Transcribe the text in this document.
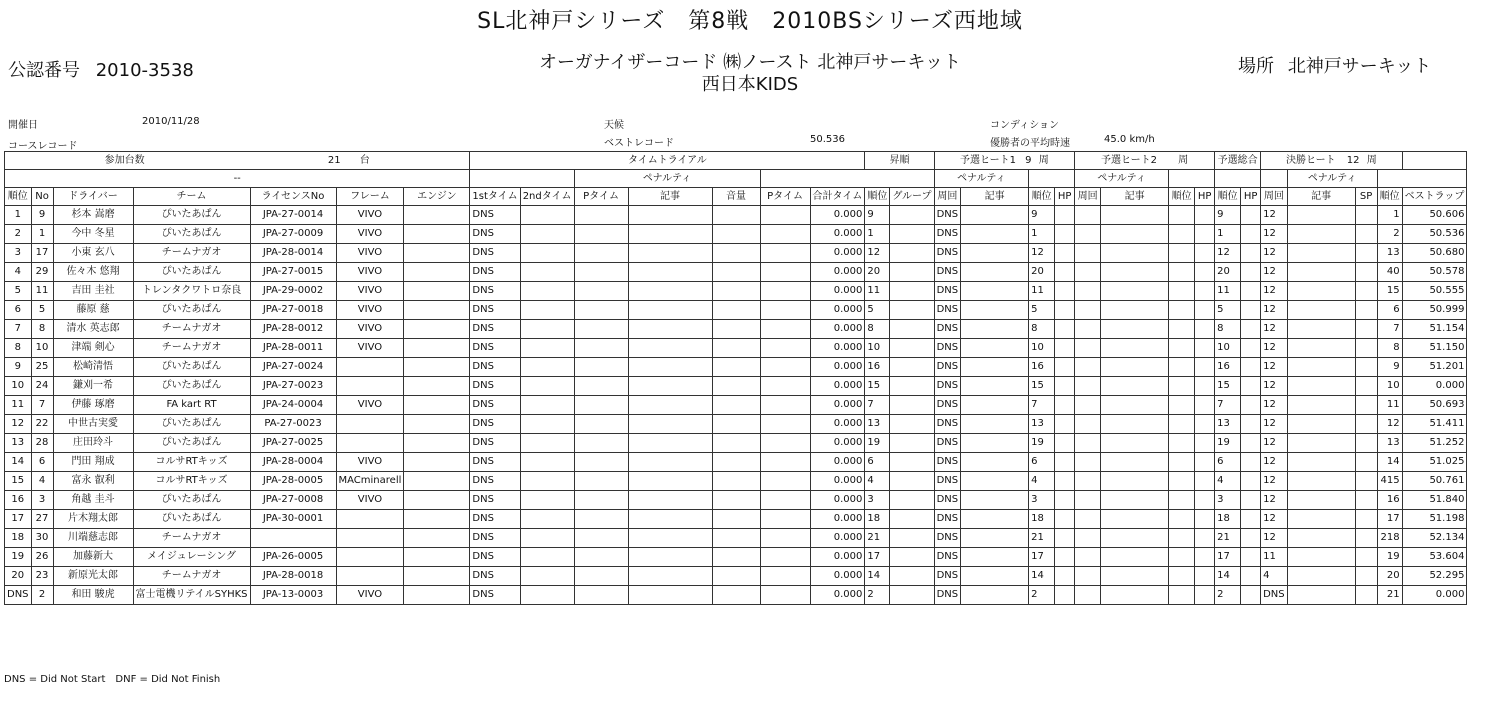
SL北神戸シリーズ　第8戦　2010BSシリーズ西地域
公認番号 2010-3538	オーガナイザーコード ㈱ノースト 北神戸サーキット
西日本KIDS
場所 北神戸サーキット
開催日	2010/11/28
コースレコード
天候
ベストレコード	50.536
コンディション
優勝者の平均時速	45.0 km/h
参加台数 21 台							タイムトライアル							昇順		予選ヒート1 9 周				予選ヒート2 周				予選総合		決勝ヒート 12 周				
--									ペナルティ							ペナルティ				ペナルティ							ペナルティ			
順位	No	ドライバー	チーム	ライセンスNo	フレーム	エンジン	1stタイム	2ndタイム	Pタイム	記事	音量	Pタイム	合計タイム	順位	グループ	周回	記事	順位	HP	周回	記事	順位	HP	順位	HP	周回	記事	SP	順位	ベストラップ
1	9	杉本 嵩磨	ぴいたあぱん	JPA-27-0014	VIVO		DNS						0.000	9		DNS		9						9		12			1	50.606
2	1	今中 冬星	ぴいたあぱん	JPA-27-0009	VIVO		DNS						0.000	1		DNS		1						1		12			2	50.536
3	17	小東 玄八	チームナガオ	JPA-28-0014	VIVO		DNS						0.000	12		DNS		12						12		12			13	50.680
4	29	佐々木 悠翔	ぴいたあぱん	JPA-27-0015	VIVO		DNS						0.000	20		DNS		20						20		12			40	50.578
5	11	吉田 圭社	トレンタクワトロ奈良	JPA-29-0002	VIVO		DNS						0.000	11		DNS		11						11		12			15	50.555
6	5	藤原 慈	ぴいたあぱん	JPA-27-0018	VIVO		DNS						0.000	5		DNS		5						5		12			6	50.999
7	8	清水 英志郎	チームナガオ	JPA-28-0012	VIVO		DNS						0.000	8		DNS		8						8		12			7	51.154
8	10	津端 剣心	チームナガオ	JPA-28-0011	VIVO		DNS						0.000	10		DNS		10						10		12			8	51.150
9	25	松崎清悟	ぴいたあぱん	JPA-27-0024			DNS						0.000	16		DNS		16						16		12			9	51.201
10	24	鎌刈一希	ぴいたあぱん	JPA-27-0023			DNS						0.000	15		DNS		15						15		12			10	0.000
11	7	伊藤 琢磨	FA kart RT	JPA-24-0004	VIVO		DNS						0.000	7		DNS		7						7		12			11	50.693
12	22	中世古実愛	ぴいたあぱん	PA-27-0023			DNS						0.000	13		DNS		13						13		12			12	51.411
13	28	庄田玲斗	ぴいたあぱん	JPA-27-0025			DNS						0.000	19		DNS		19						19		12			13	51.252
14	6	門田 翔成	コルサRTキッズ	JPA-28-0004	VIVO		DNS						0.000	6		DNS		6						6		12			14	51.025
15	4	富永 叡利	コルサRTキッズ	JPA-28-0005	MACminarell		DNS						0.000	4		DNS		4						4		12			415	50.761
16	3	角越 圭斗	ぴいたあぱん	JPA-27-0008	VIVO		DNS						0.000	3		DNS		3						3		12			16	51.840
17	27	片木翔太郎	ぴいたあぱん	JPA-30-0001			DNS						0.000	18		DNS		18						18		12			17	51.198
18	30	川端慈志郎	チームナガオ				DNS						0.000	21		DNS		21						21		12			218	52.134
19	26	加藤新大	メイジュレーシング	JPA-26-0005			DNS						0.000	17		DNS		17						17		11			19	53.604
20	23	新原光太郎	チームナガオ	JPA-28-0018			DNS						0.000	14		DNS		14						14		4			20	52.295
DNS	2	和田 駿虎	富士電機リテイルSYHKS	JPA-13-0003	VIVO		DNS						0.000	2		DNS		2						2		DNS			21	0.000
DNS = Did Not Start　DNF = Did Not Finish
